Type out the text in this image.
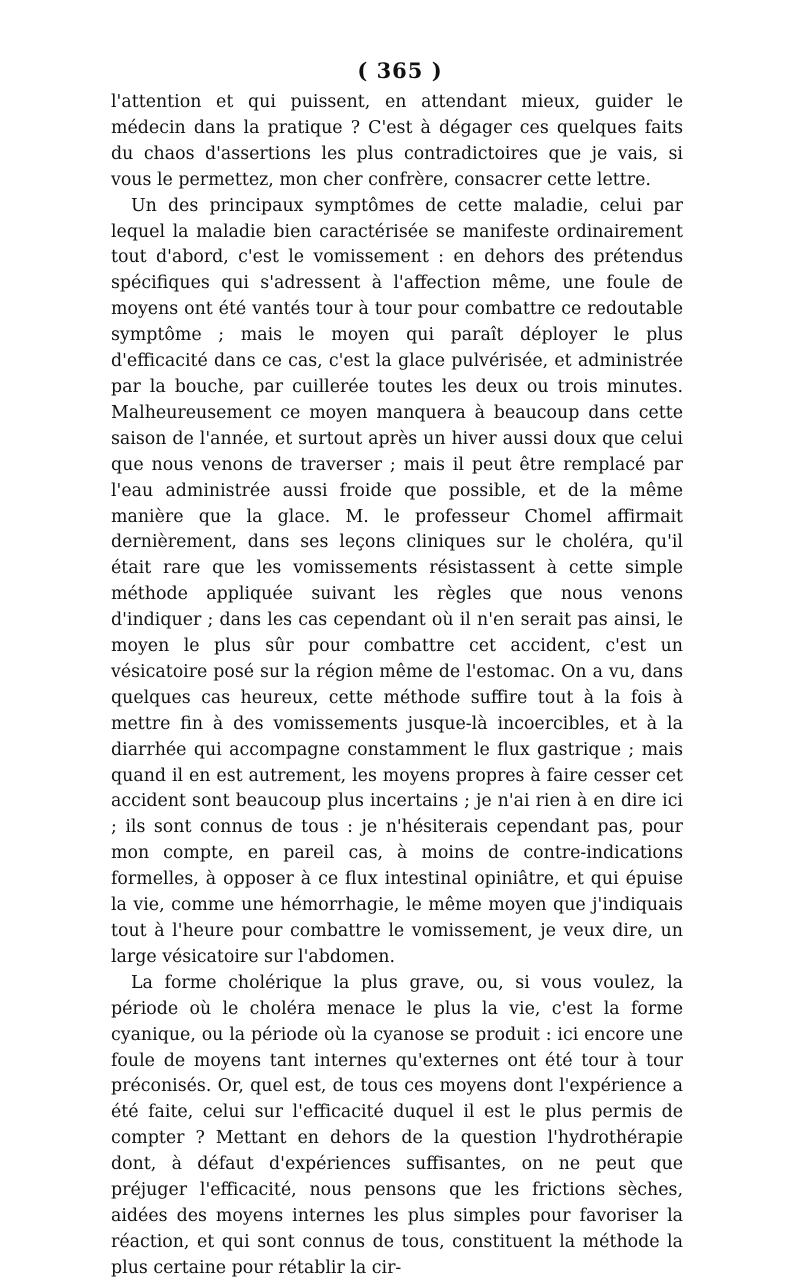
( 365 )

l'attention et qui puissent, en attendant mieux, guider le médecin dans la pratique ? C'est à dégager ces quelques faits du chaos d'assertions les plus contradictoires que je vais, si vous le permettez, mon cher confrère, consacrer cette lettre.

Un des principaux symptômes de cette maladie, celui par lequel la maladie bien caractérisée se manifeste ordinairement tout d'abord, c'est le vomissement : en dehors des prétendus spécifiques qui s'adressent à l'affection même, une foule de moyens ont été vantés tour à tour pour combattre ce redoutable symptôme ; mais le moyen qui paraît déployer le plus d'efficacité dans ce cas, c'est la glace pulvérisée, et administrée par la bouche, par cuillerée toutes les deux ou trois minutes. Malheureusement ce moyen manquera à beaucoup dans cette saison de l'année, et surtout après un hiver aussi doux que celui que nous venons de traverser ; mais il peut être remplacé par l'eau administrée aussi froide que possible, et de la même manière que la glace. M. le professeur Chomel affirmait dernièrement, dans ses leçons cliniques sur le choléra, qu'il était rare que les vomissements résistassent à cette simple méthode appliquée suivant les règles que nous venons d'indiquer ; dans les cas cependant où il n'en serait pas ainsi, le moyen le plus sûr pour combattre cet accident, c'est un vésicatoire posé sur la région même de l'estomac. On a vu, dans quelques cas heureux, cette méthode suffire tout à la fois à mettre fin à des vomissements jusque-là incoercibles, et à la diarrhée qui accompagne constamment le flux gastrique ; mais quand il en est autrement, les moyens propres à faire cesser cet accident sont beaucoup plus incertains ; je n'ai rien à en dire ici ; ils sont connus de tous : je n'hésiterais cependant pas, pour mon compte, en pareil cas, à moins de contre-indications formelles, à opposer à ce flux intestinal opiniâtre, et qui épuise la vie, comme une hémorrhagie, le même moyen que j'indiquais tout à l'heure pour combattre le vomissement, je veux dire, un large vésicatoire sur l'abdomen.

La forme cholérique la plus grave, ou, si vous voulez, la période où le choléra menace le plus la vie, c'est la forme cyanique, ou la période où la cyanose se produit : ici encore une foule de moyens tant internes qu'externes ont été tour à tour préconisés. Or, quel est, de tous ces moyens dont l'expérience a été faite, celui sur l'efficacité duquel il est le plus permis de compter ? Mettant en dehors de la question l'hydrothérapie dont, à défaut d'expériences suffisantes, on ne peut que préjuger l'efficacité, nous pensons que les frictions sèches, aidées des moyens internes les plus simples pour favoriser la réaction, et qui sont connus de tous, constituent la méthode la plus certaine pour rétablir la cir-
